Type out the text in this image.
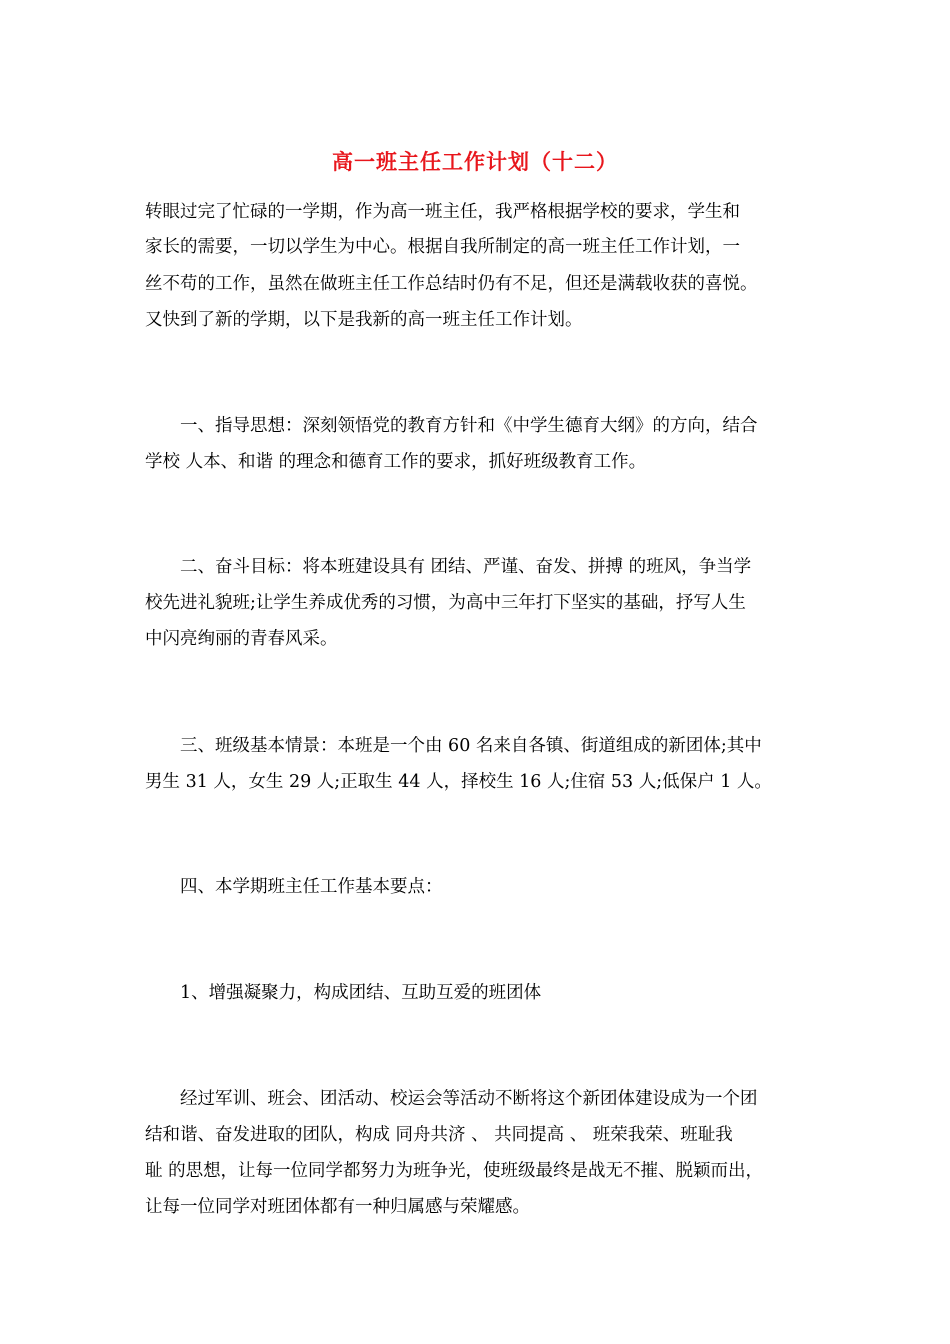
高一班主任工作计划（十二）
转眼过完了忙碌的一学期，作为高一班主任，我严格根据学校的要求，学生和
家长的需要，一切以学生为中心。根据自我所制定的高一班主任工作计划，一
丝不苟的工作，虽然在做班主任工作总结时仍有不足，但还是满载收获的喜悦。
又快到了新的学期，以下是我新的高一班主任工作计划。
　　一、指导思想：深刻领悟党的教育方针和《中学生德育大纲》的方向，结合
学校 人本、和谐 的理念和德育工作的要求，抓好班级教育工作。
　　二、奋斗目标：将本班建设具有 团结、严谨、奋发、拼搏 的班风，争当学
校先进礼貌班;让学生养成优秀的习惯，为高中三年打下坚实的基础，抒写人生
中闪亮绚丽的青春风采。
　　三、班级基本情景：本班是一个由 60 名来自各镇、街道组成的新团体;其中
男生 31 人，女生 29 人;正取生 44 人，择校生 16 人;住宿 53 人;低保户 1 人。
　　四、本学期班主任工作基本要点：
　　1、增强凝聚力，构成团结、互助互爱的班团体
　　经过军训、班会、团活动、校运会等活动不断将这个新团体建设成为一个团
结和谐、奋发进取的团队，构成 同舟共济 、 共同提高 、 班荣我荣、班耻我
耻 的思想，让每一位同学都努力为班争光，使班级最终是战无不摧、脱颖而出，
让每一位同学对班团体都有一种归属感与荣耀感。
